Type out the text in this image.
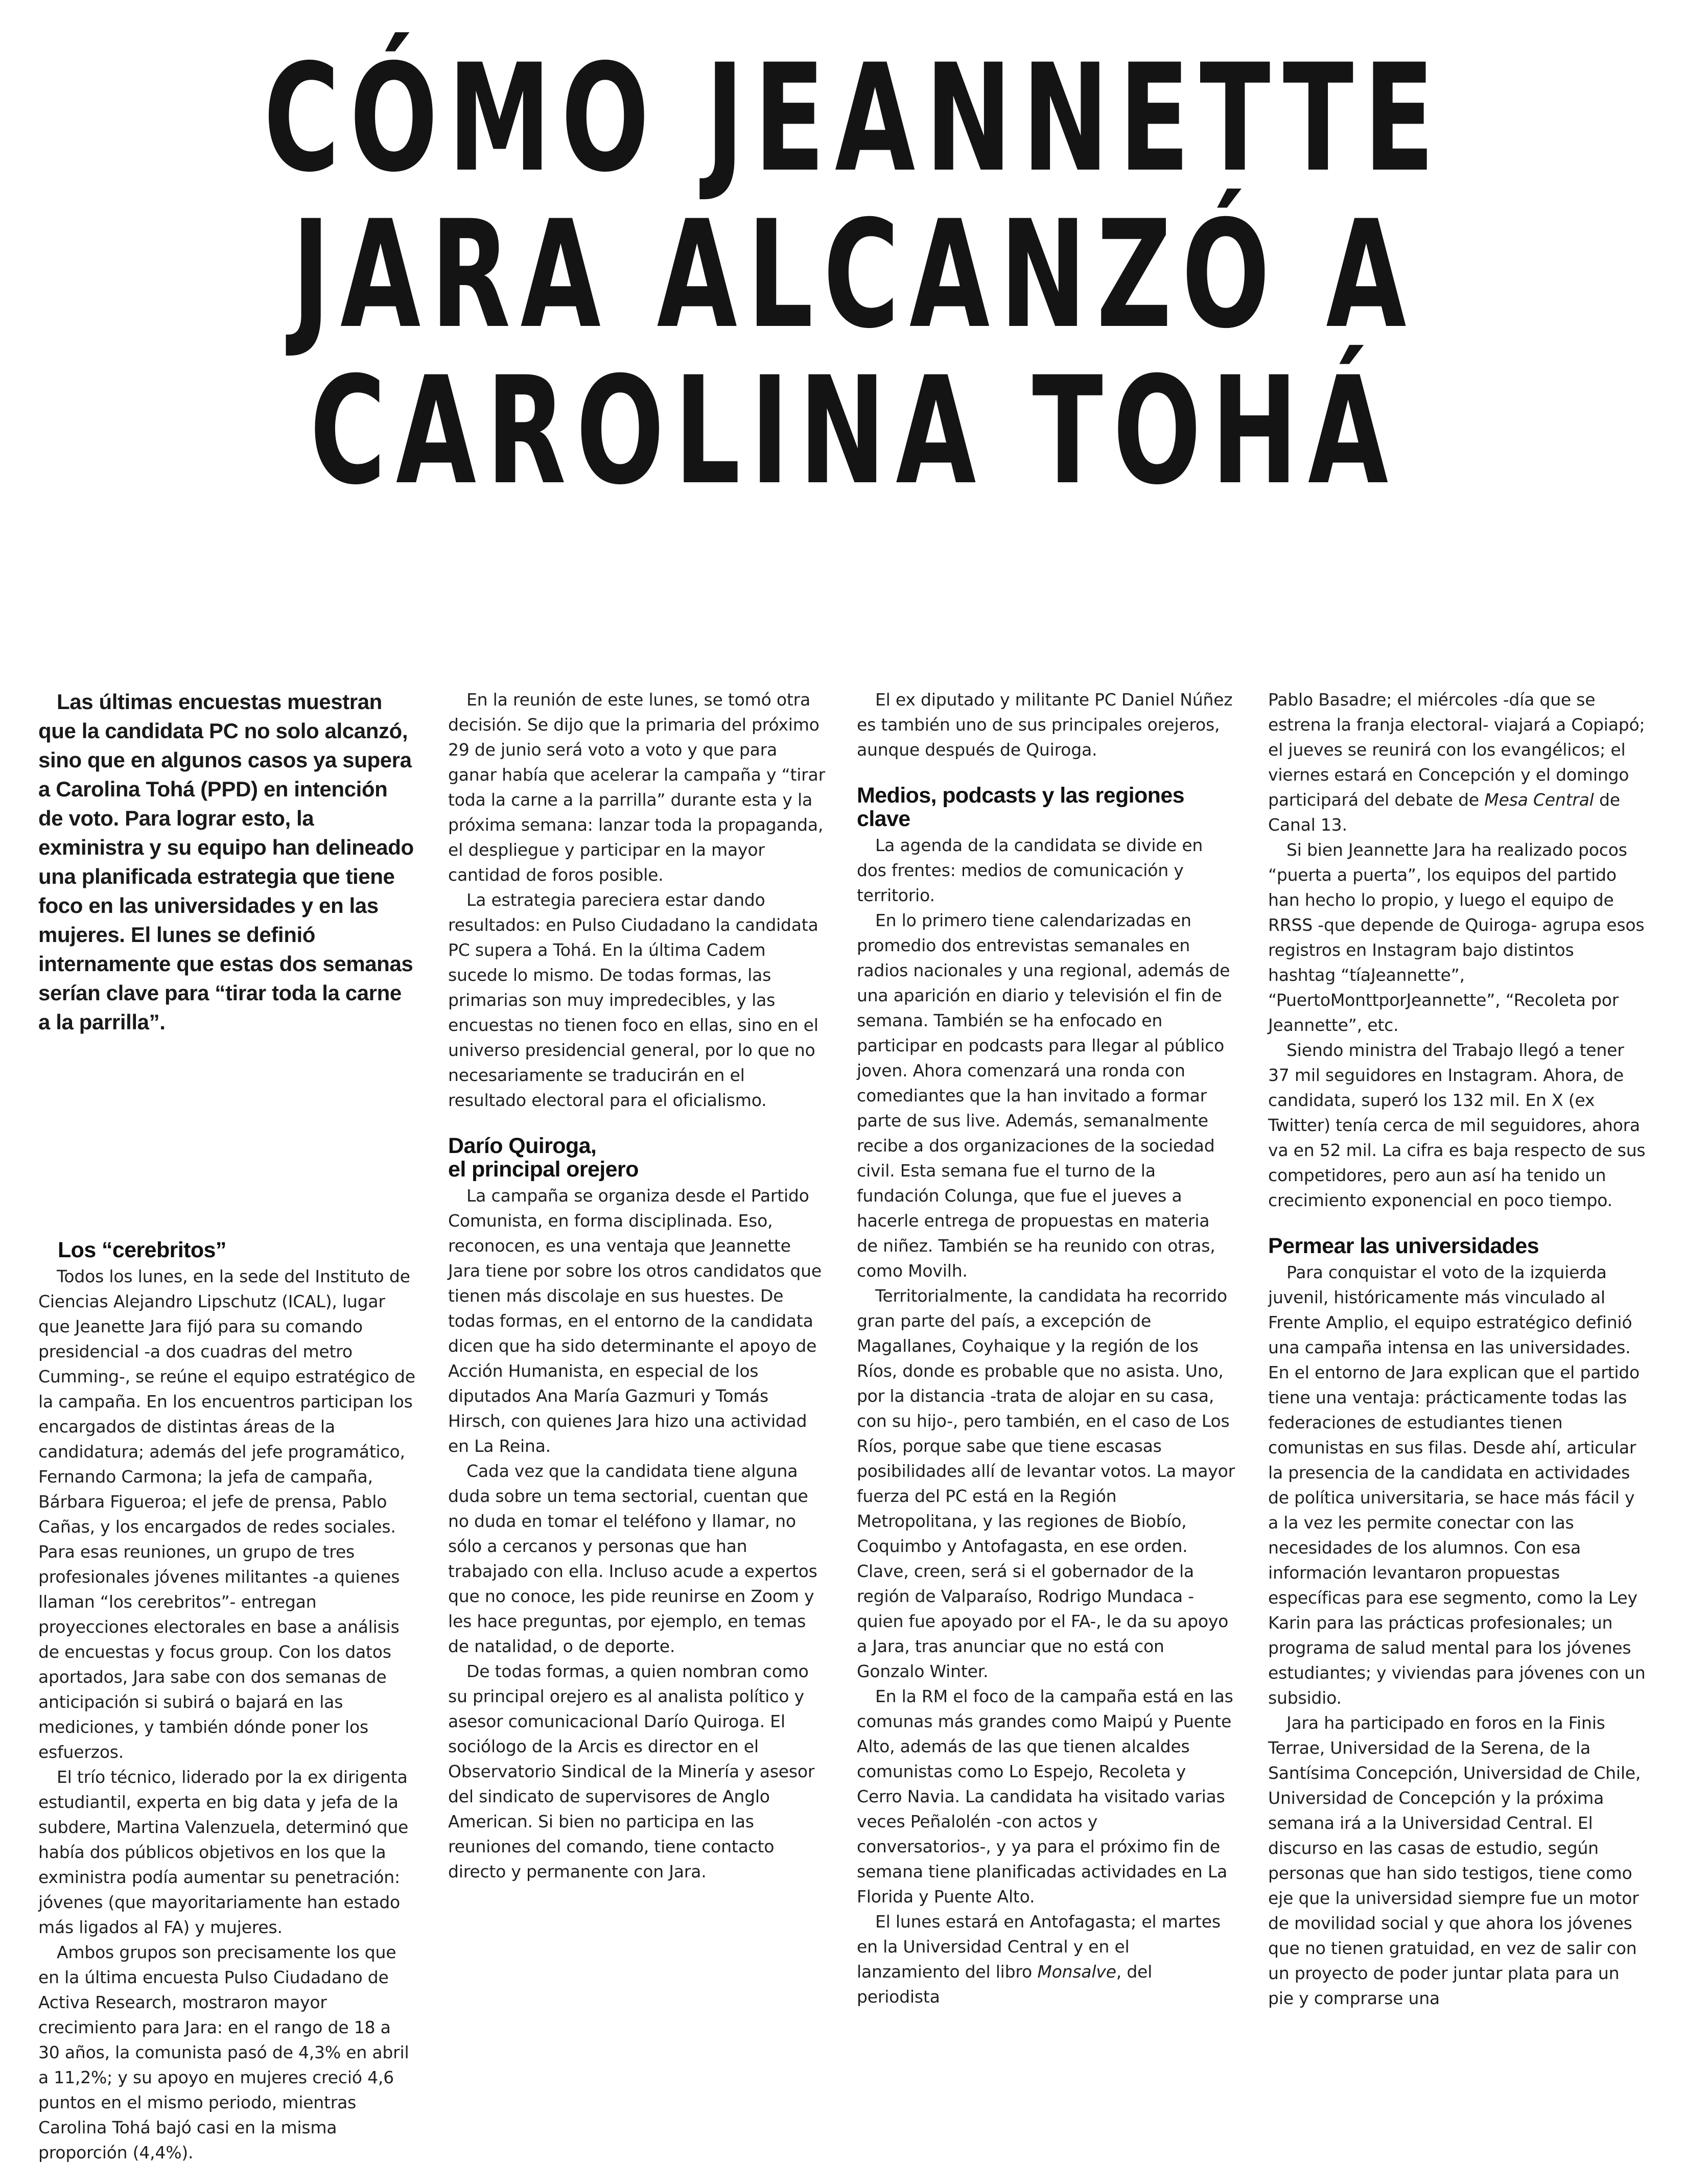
CÓMO JEANNETTE
JARA ALCANZÓ A
CAROLINA TOHÁ

Las últimas encuestas muestran que la candidata PC no solo alcanzó, sino que en algunos casos ya supera a Carolina Tohá (PPD) en intención de voto. Para lograr esto, la exministra y su equipo han delineado una planificada estrategia que tiene foco en las universidades y en las mujeres. El lunes se definió internamente que estas dos semanas serían clave para “tirar toda la carne a la parrilla”.

Los “cerebritos”

Todos los lunes, en la sede del Instituto de Ciencias Alejandro Lipschutz (ICAL), lugar que Jeanette Jara fijó para su comando presidencial -a dos cuadras del metro Cumming-, se reúne el equipo estratégico de la campaña. En los encuentros participan los encargados de distintas áreas de la candidatura; además del jefe programático, Fernando Carmona; la jefa de campaña, Bárbara Figueroa; el jefe de prensa, Pablo Cañas, y los encargados de redes sociales. Para esas reuniones, un grupo de tres profesionales jóvenes militantes -a quienes llaman “los cerebritos”- entregan proyecciones electorales en base a análisis de encuestas y focus group. Con los datos aportados, Jara sabe con dos semanas de anticipación si subirá o bajará en las mediciones, y también dónde poner los esfuerzos.

El trío técnico, liderado por la ex dirigenta estudiantil, experta en big data y jefa de la subdere, Martina Valenzuela, determinó que había dos públicos objetivos en los que la exministra podía aumentar su penetración: jóvenes (que mayoritariamente han estado más ligados al FA) y mujeres.

Ambos grupos son precisamente los que en la última encuesta Pulso Ciudadano de Activa Research, mostraron mayor crecimiento para Jara: en el rango de 18 a 30 años, la comunista pasó de 4,3% en abril a 11,2%; y su apoyo en mujeres creció 4,6 puntos en el mismo periodo, mientras Carolina Tohá bajó casi en la misma proporción (4,4%).

En la reunión de este lunes, se tomó otra decisión. Se dijo que la primaria del próximo 29 de junio será voto a voto y que para ganar había que acelerar la campaña y “tirar toda la carne a la parrilla” durante esta y la próxima semana: lanzar toda la propaganda, el despliegue y participar en la mayor cantidad de foros posible.

La estrategia pareciera estar dando resultados: en Pulso Ciudadano la candidata PC supera a Tohá. En la última Cadem sucede lo mismo. De todas formas, las primarias son muy impredecibles, y las encuestas no tienen foco en ellas, sino en el universo presidencial general, por lo que no necesariamente se traducirán en el resultado electoral para el oficialismo.

Darío Quiroga,
el principal orejero

La campaña se organiza desde el Partido Comunista, en forma disciplinada. Eso, reconocen, es una ventaja que Jeannette Jara tiene por sobre los otros candidatos que tienen más discolaje en sus huestes. De todas formas, en el entorno de la candidata dicen que ha sido determinante el apoyo de Acción Humanista, en especial de los diputados Ana María Gazmuri y Tomás Hirsch, con quienes Jara hizo una actividad en La Reina.

Cada vez que la candidata tiene alguna duda sobre un tema sectorial, cuentan que no duda en tomar el teléfono y llamar, no sólo a cercanos y personas que han trabajado con ella. Incluso acude a expertos que no conoce, les pide reunirse en Zoom y les hace preguntas, por ejemplo, en temas de natalidad, o de deporte.

De todas formas, a quien nombran como su principal orejero es al analista político y asesor comunicacional Darío Quiroga. El sociólogo de la Arcis es director en el Observatorio Sindical de la Minería y asesor del sindicato de supervisores de Anglo American. Si bien no participa en las reuniones del comando, tiene contacto directo y permanente con Jara.

El ex diputado y militante PC Daniel Núñez es también uno de sus principales orejeros, aunque después de Quiroga.

Medios, podcasts y las regiones clave

La agenda de la candidata se divide en dos frentes: medios de comunicación y territorio.

En lo primero tiene calendarizadas en promedio dos entrevistas semanales en radios nacionales y una regional, además de una aparición en diario y televisión el fin de semana. También se ha enfocado en participar en podcasts para llegar al público joven. Ahora comenzará una ronda con comediantes que la han invitado a formar parte de sus live. Además, semanalmente recibe a dos organizaciones de la sociedad civil. Esta semana fue el turno de la fundación Colunga, que fue el jueves a hacerle entrega de propuestas en materia de niñez. También se ha reunido con otras, como Movilh.

Territorialmente, la candidata ha recorrido gran parte del país, a excepción de Magallanes, Coyhaique y la región de los Ríos, donde es probable que no asista. Uno, por la distancia -trata de alojar en su casa, con su hijo-, pero también, en el caso de Los Ríos, porque sabe que tiene escasas posibilidades allí de levantar votos. La mayor fuerza del PC está en la Región Metropolitana, y las regiones de Biobío, Coquimbo y Antofagasta, en ese orden. Clave, creen, será si el gobernador de la región de Valparaíso, Rodrigo Mundaca -quien fue apoyado por el FA-, le da su apoyo a Jara, tras anunciar que no está con Gonzalo Winter.

En la RM el foco de la campaña está en las comunas más grandes como Maipú y Puente Alto, además de las que tienen alcaldes comunistas como Lo Espejo, Recoleta y Cerro Navia. La candidata ha visitado varias veces Peñalolén -con actos y conversatorios-, y ya para el próximo fin de semana tiene planificadas actividades en La Florida y Puente Alto.

El lunes estará en Antofagasta; el martes en la Universidad Central y en el lanzamiento del libro Monsalve, del periodista

Pablo Basadre; el miércoles -día que se estrena la franja electoral- viajará a Copiapó; el jueves se reunirá con los evangélicos; el viernes estará en Concepción y el domingo participará del debate de Mesa Central de Canal 13.

Si bien Jeannette Jara ha realizado pocos “puerta a puerta”, los equipos del partido han hecho lo propio, y luego el equipo de RRSS -que depende de Quiroga- agrupa esos registros en Instagram bajo distintos hashtag “tíaJeannette”, “PuertoMonttporJeannette”, “Recoleta por Jeannette”, etc.

Siendo ministra del Trabajo llegó a tener 37 mil seguidores en Instagram. Ahora, de candidata, superó los 132 mil. En X (ex Twitter) tenía cerca de mil seguidores, ahora va en 52 mil. La cifra es baja respecto de sus competidores, pero aun así ha tenido un crecimiento exponencial en poco tiempo.

Permear las universidades

Para conquistar el voto de la izquierda juvenil, históricamente más vinculado al Frente Amplio, el equipo estratégico definió una campaña intensa en las universidades. En el entorno de Jara explican que el partido tiene una ventaja: prácticamente todas las federaciones de estudiantes tienen comunistas en sus filas. Desde ahí, articular la presencia de la candidata en actividades de política universitaria, se hace más fácil y a la vez les permite conectar con las necesidades de los alumnos. Con esa información levantaron propuestas específicas para ese segmento, como la Ley Karin para las prácticas profesionales; un programa de salud mental para los jóvenes estudiantes; y viviendas para jóvenes con un subsidio.

Jara ha participado en foros en la Finis Terrae, Universidad de la Serena, de la Santísima Concepción, Universidad de Chile, Universidad de Concepción y la próxima semana irá a la Universidad Central. El discurso en las casas de estudio, según personas que han sido testigos, tiene como eje que la universidad siempre fue un motor de movilidad social y que ahora los jóvenes que no tienen gratuidad, en vez de salir con un proyecto de poder juntar plata para un pie y comprarse una
